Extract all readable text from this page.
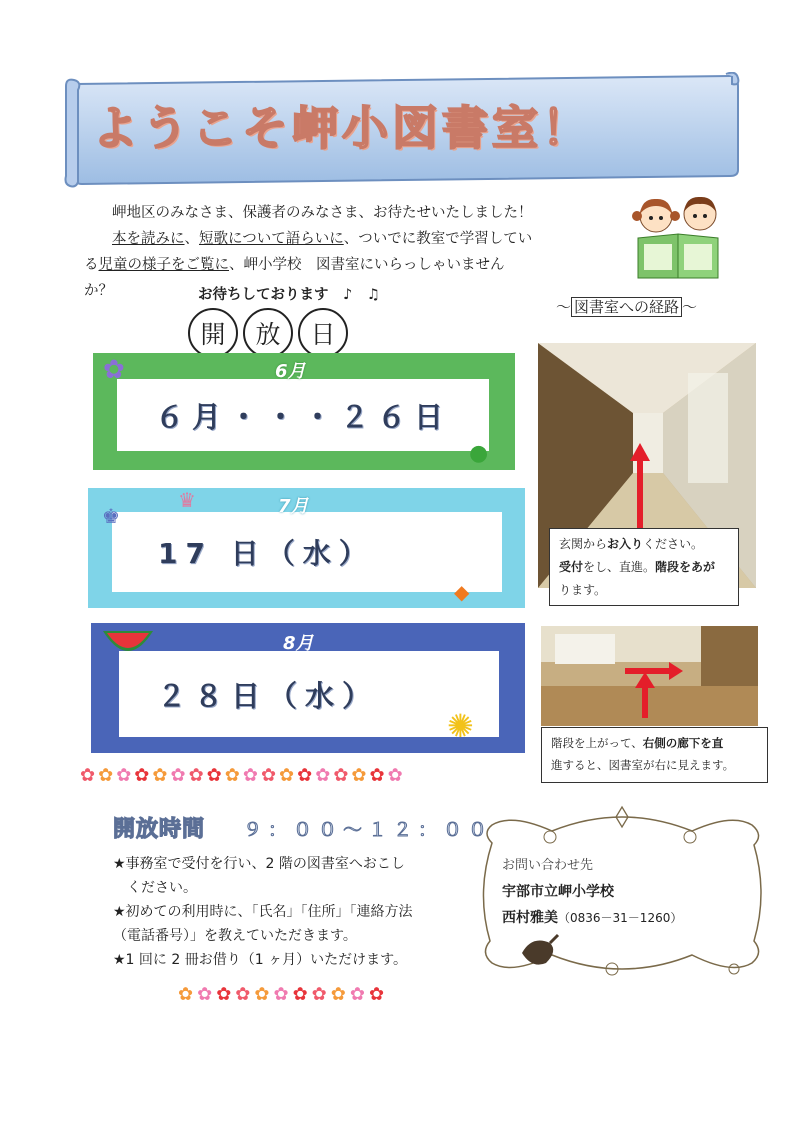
ようこそ岬小図書室！
岬地区のみなさま、保護者のみなさま、お待たせいたしました！
本を読みに、短歌について語らいに、ついでに教室で学習してい
る児童の様子をご覧に、岬小学校　図書室にいらっしゃいません
か？	お待ちしております　♪　♫
～ 図書室への経路 ～
開	放	日
６月・・・２６日
6月
✿
●
17 日（水）
7月
♚
♛
◆
２８日（水）
8月
✺
玄関からお入りください。
受付をし、直進。階段をあが
ります。
階段を上がって、右側の廊下を直
進すると、図書室が右に見えます。
✿✿✿✿✿✿✿✿✿✿✿✿✿✿✿✿✿✿
開放時間 ９：００～１２：００
★事務室で受付を行い、2 階の図書室へおこし
ください。
★初めての利用時に、「氏名」「住所」「連絡方法
（電話番号）」を教えていただきます。
★1 回に 2 冊お借り（1 ヶ月）いただけます。
✿✿✿✿✿✿✿✿✿✿✿
お問い合わせ先
宇部市立岬小学校
西村雅美（0836－31－1260）
